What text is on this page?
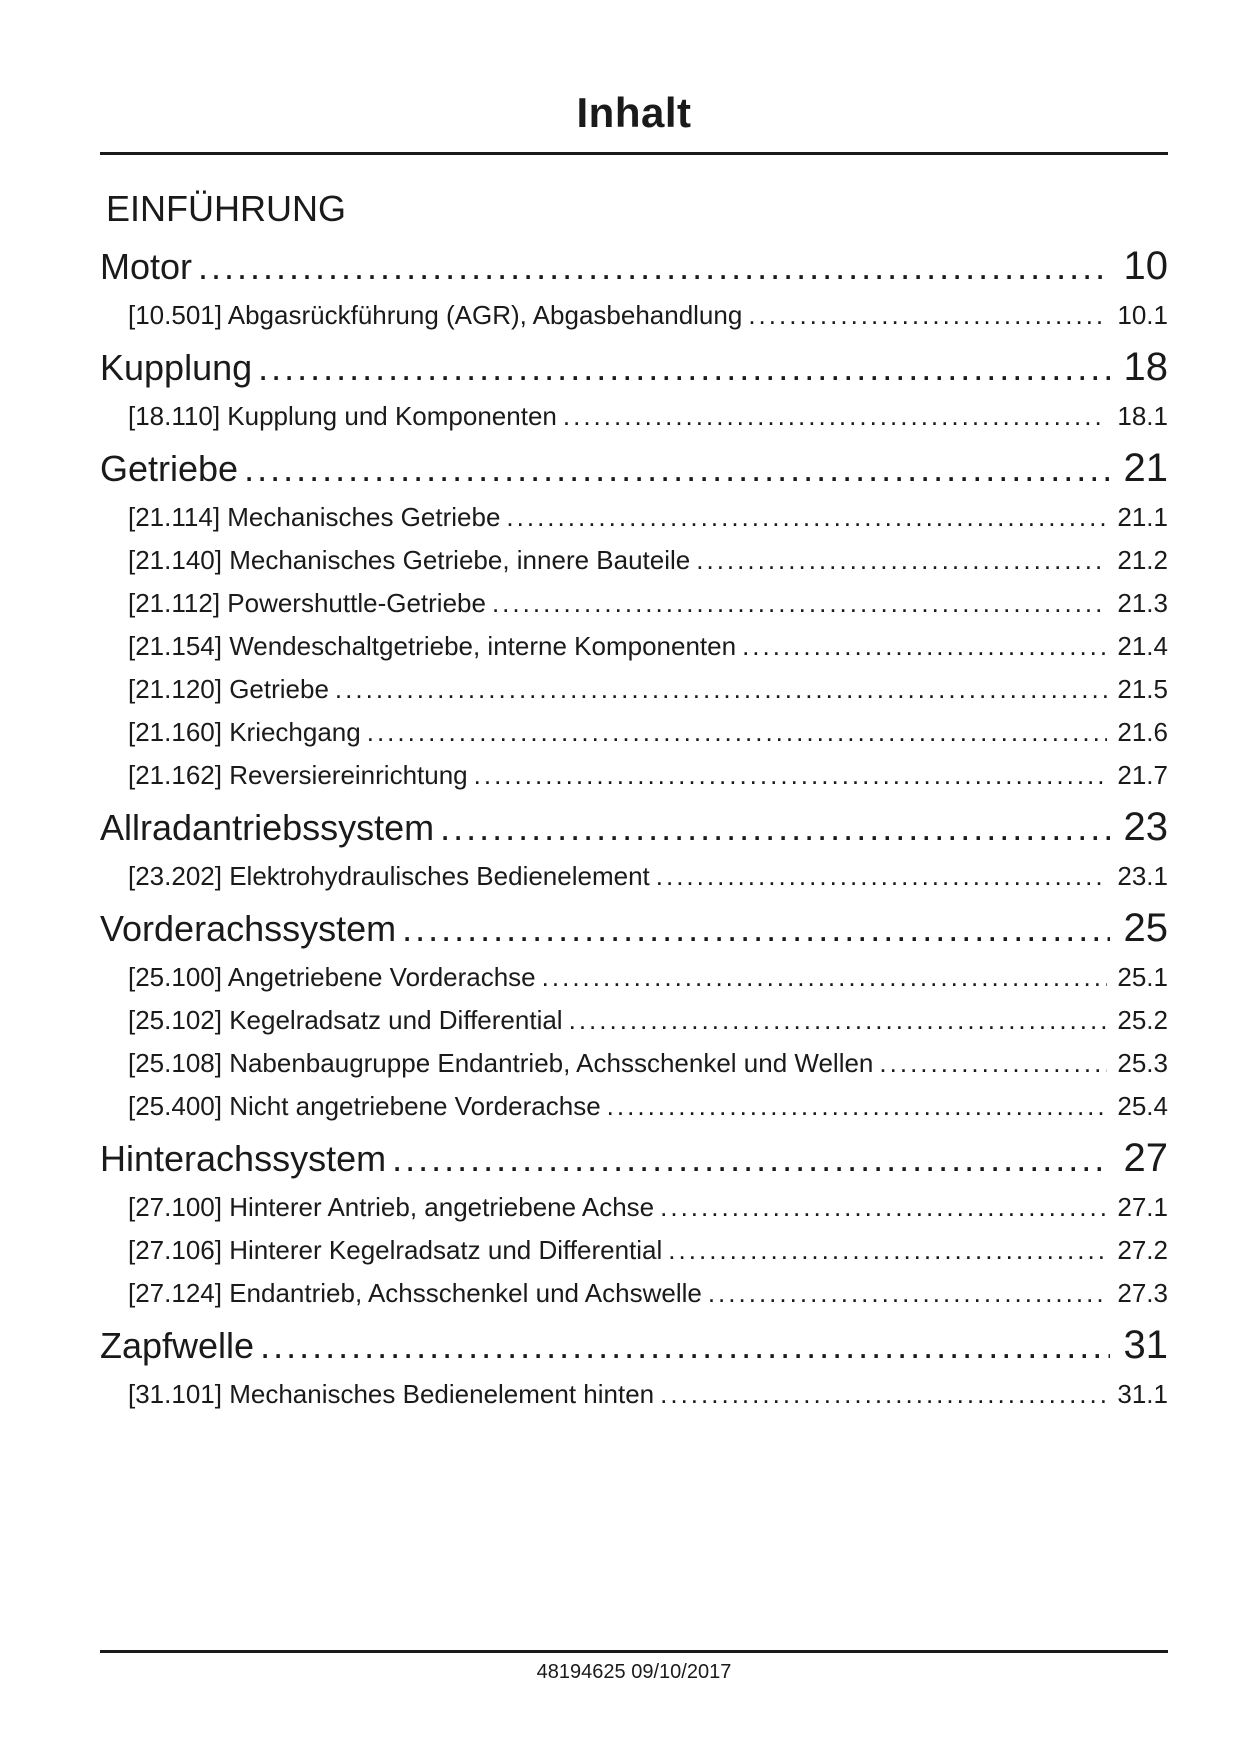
Inhalt
EINFÜHRUNG
Motor .....	10
[10.501] Abgasrückführung (AGR), Abgasbehandlung .....	10.1
Kupplung .....	18
[18.110] Kupplung und Komponenten .....	18.1
Getriebe .....	21
[21.114] Mechanisches Getriebe .....	21.1
[21.140] Mechanisches Getriebe, innere Bauteile .....	21.2
[21.112] Powershuttle-Getriebe .....	21.3
[21.154] Wendeschaltgetriebe, interne Komponenten .....	21.4
[21.120] Getriebe .....	21.5
[21.160] Kriechgang .....	21.6
[21.162] Reversiereinrichtung .....	21.7
Allradantriebssystem .....	23
[23.202] Elektrohydraulisches Bedienelement .....	23.1
Vorderachssystem .....	25
[25.100] Angetriebene Vorderachse .....	25.1
[25.102] Kegelradsatz und Differential .....	25.2
[25.108] Nabenbaugruppe Endantrieb, Achsschenkel und Wellen .....	25.3
[25.400] Nicht angetriebene Vorderachse .....	25.4
Hinterachssystem .....	27
[27.100] Hinterer Antrieb, angetriebene Achse .....	27.1
[27.106] Hinterer Kegelradsatz und Differential .....	27.2
[27.124] Endantrieb, Achsschenkel und Achswelle .....	27.3
Zapfwelle .....	31
[31.101] Mechanisches Bedienelement hinten .....	31.1
48194625 09/10/2017
